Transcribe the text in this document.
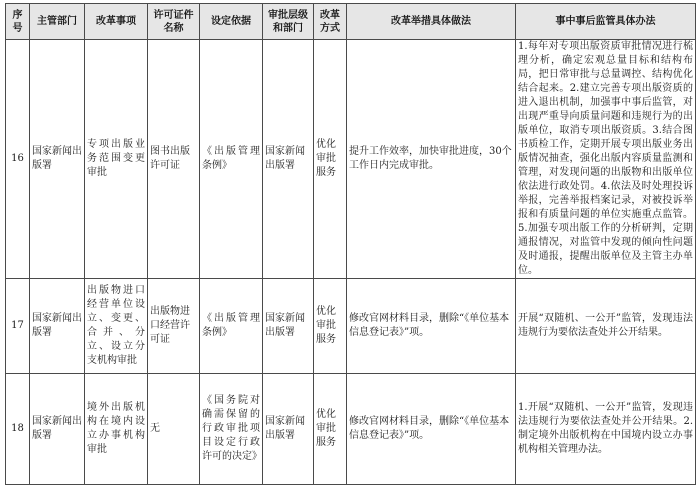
序号	主管部门	改革事项	许可证件名称	设定依据	审批层级和部门	改革方式	改革举措具体做法	事中事后监管具体办法
16	国家新闻出版署	专项出版业务范围变更审批	图书出版许可证	《出版管理条例》	国家新闻出版署	优化审批服务	提升工作效率，加快审批进度，30个工作日内完成审批。	1.每年对专项出版资质审批情况进行梳理分析，确定宏观总量目标和结构布局，把日常审批与总量调控、结构优化结合起来。2.建立完善专项出版资质的进入退出机制，加强事中事后监管，对出现严重导向质量问题和违规行为的出版单位，取消专项出版资质。3.结合图书质检工作，定期开展专项出版业务出版情况抽查，强化出版内容质量监测和管理，对发现问题的出版物和出版单位依法进行政处罚。4.依法及时处理投诉举报，完善举报档案记录，对被投诉举报和有质量问题的单位实施重点监管。5.加强专项出版工作的分析研判，定期通报情况，对监管中发现的倾向性问题及时通报，提醒出版单位及主管主办单位。
17	国家新闻出版署	出版物进口经营单位设立、变更、合并、分立、设立分支机构审批	出版物进口经营许可证	《出版管理条例》	国家新闻出版署	优化审批服务	修改官网材料目录，删除“《单位基本信息登记表》”项。	开展“双随机、一公开”监管，发现违法违规行为要依法查处并公开结果。
18	国家新闻出版署	境外出版机构在境内设立办事机构审批	无	《国务院对确需保留的行政审批项目设定行政许可的决定》	国家新闻出版署	优化审批服务	修改官网材料目录，删除“《单位基本信息登记表》”项。	1.开展“双随机、一公开”监管，发现违法违规行为要依法查处并公开结果。2.制定境外出版机构在中国境内设立办事机构相关管理办法。
